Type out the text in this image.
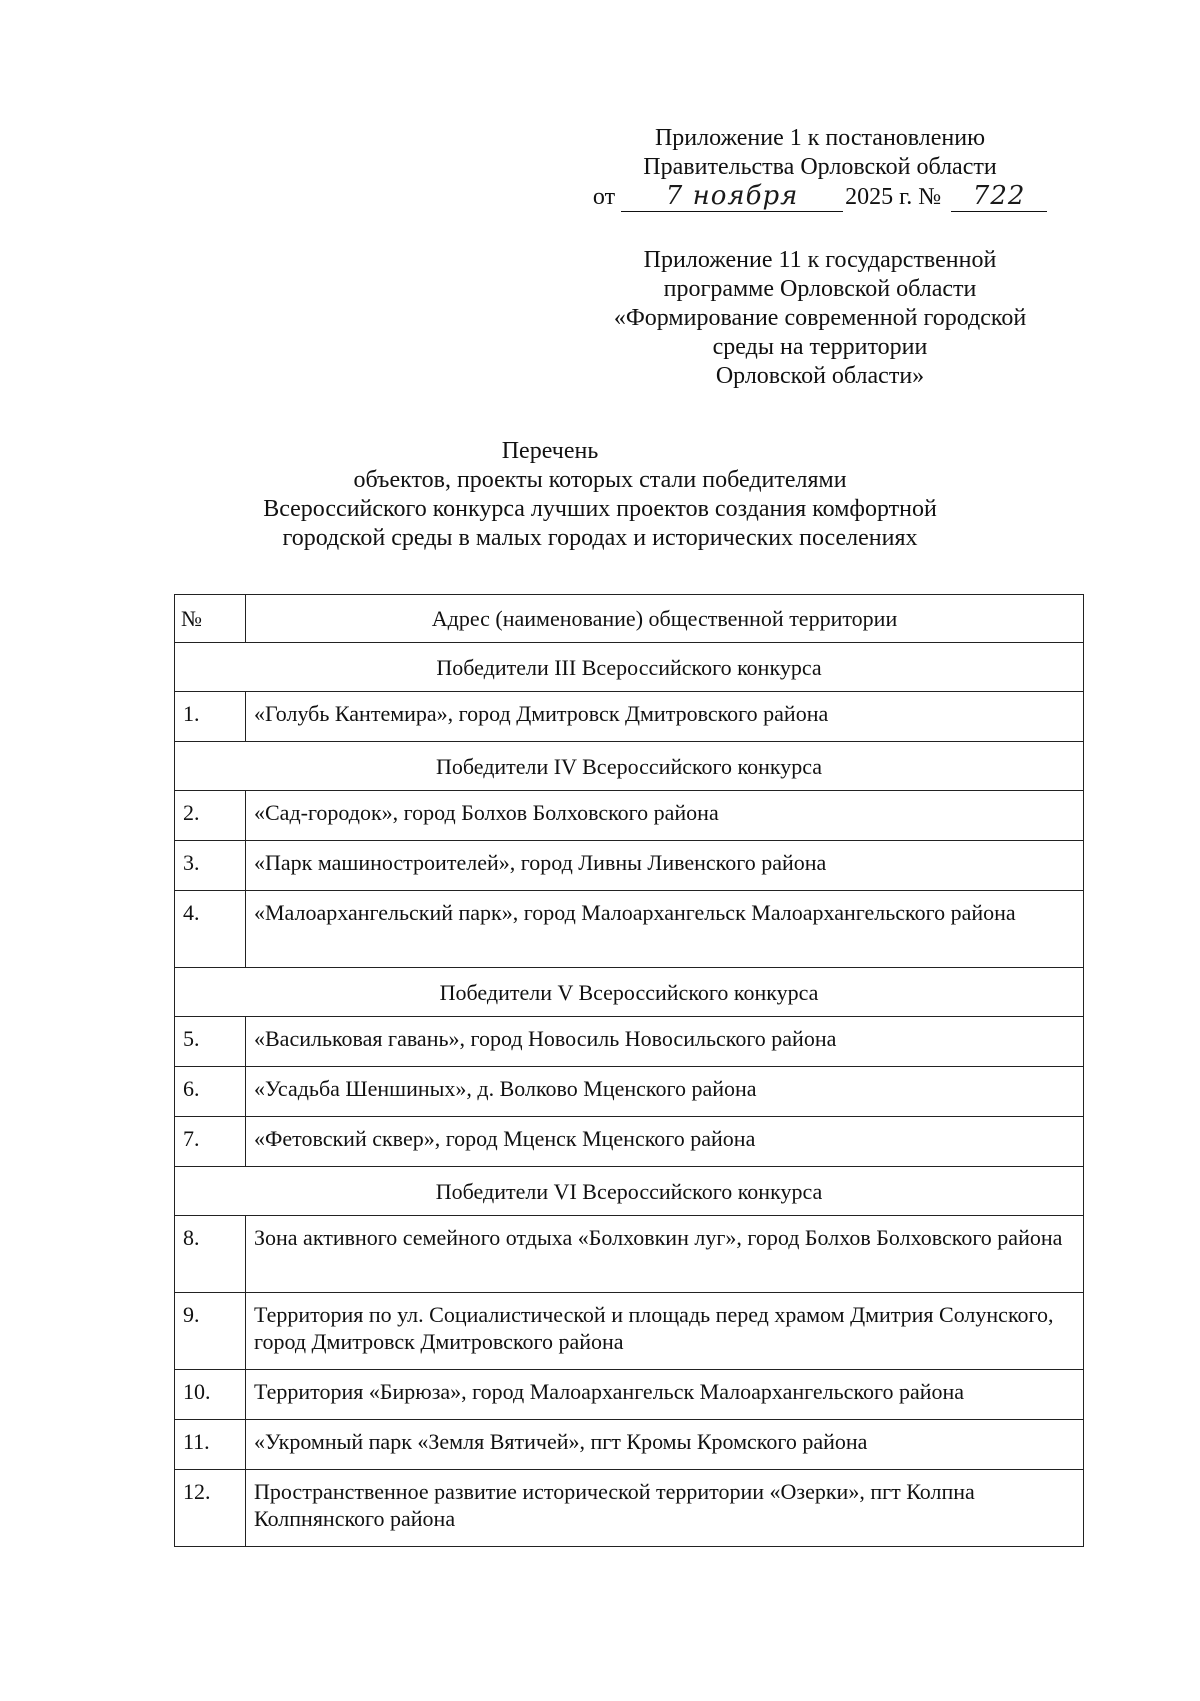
Приложение 1 к постановлению

Правительства Орловской области

от 7 ноября 2025 г. № 722

Приложение 11 к государственной

программе Орловской области

«Формирование современной городской

среды на территории

Орловской области»

Перечень

объектов, проекты которых стали победителями

Всероссийского конкурса лучших проектов создания комфортной

городской среды в малых городах и исторических поселениях

№	Адрес (наименование) общественной территории
Победители III Всероссийского конкурса	
1.	«Голубь Кантемира», город Дмитровск Дмитровского района
Победители IV Всероссийского конкурса	
2.	«Сад-городок», город Болхов Болховского района
3.	«Парк машиностроителей», город Ливны Ливенского района
4.	«Малоархангельский парк», город Малоархангельск Малоархангельского района
Победители V Всероссийского конкурса	
5.	«Васильковая гавань», город Новосиль Новосильского района
6.	«Усадьба Шеншиных», д. Волково Мценского района
7.	«Фетовский сквер», город Мценск Мценского района
Победители VI Всероссийского конкурса	
8.	Зона активного семейного отдыха «Болховкин луг», город Болхов Болховского района
9.	Территория по ул. Социалистической и площадь перед храмом Дмитрия Солунского, город Дмитровск Дмитровского района
10.	Территория «Бирюза», город Малоархангельск Малоархангельского района
11.	«Укромный парк «Земля Вятичей», пгт Кромы Кромского района
12.	Пространственное развитие исторической территории «Озерки», пгт Колпна Колпнянского района
